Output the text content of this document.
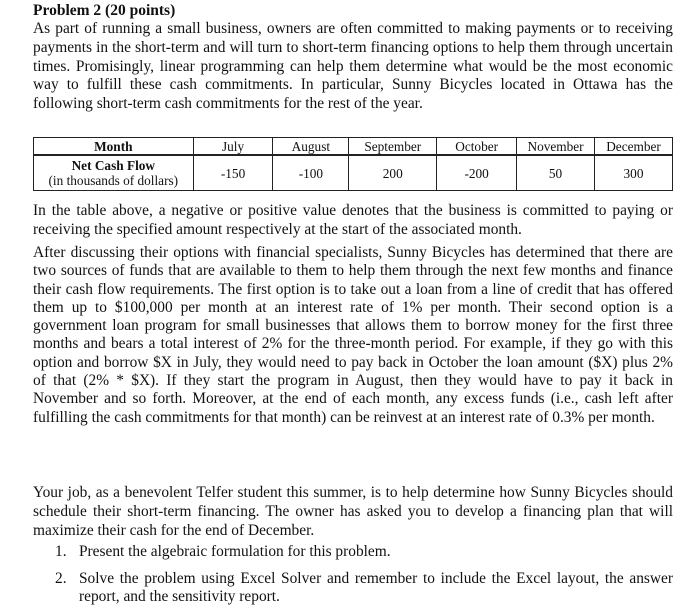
Problem 2 (20 points)
As part of running a small business, owners are often committed to making payments or to receiving payments in the short-term and will turn to short-term financing options to help them through uncertain times. Promisingly, linear programming can help them determine what would be the most economic way to fulfill these cash commitments. In particular, Sunny Bicycles located in Ottawa has the following short-term cash commitments for the rest of the year.
Month	July	August	September	October	November	December

Net Cash Flow
(in thousands of dollars)	-150	-100	200	-200	50	300
In the table above, a negative or positive value denotes that the business is committed to paying or receiving the specified amount respectively at the start of the associated month.
After discussing their options with financial specialists, Sunny Bicycles has determined that there are two sources of funds that are available to them to help them through the next few months and finance their cash flow requirements. The first option is to take out a loan from a line of credit that has offered them up to $100,000 per month at an interest rate of 1% per month. Their second option is a government loan program for small businesses that allows them to borrow money for the first three months and bears a total interest of 2% for the three-month period. For example, if they go with this option and borrow $X in July, they would need to pay back in October the loan amount ($X) plus 2% of that (2% * $X). If they start the program in August, then they would have to pay it back in November and so forth. Moreover, at the end of each month, any excess funds (i.e., cash left after fulfilling the cash commitments for that month) can be reinvest at an interest rate of 0.3% per month.
Your job, as a benevolent Telfer student this summer, is to help determine how Sunny Bicycles should schedule their short-term financing. The owner has asked you to develop a financing plan that will maximize their cash for the end of December.
1. Present the algebraic formulation for this problem.
2. Solve the problem using Excel Solver and remember to include the Excel layout, the answer report, and the sensitivity report.
